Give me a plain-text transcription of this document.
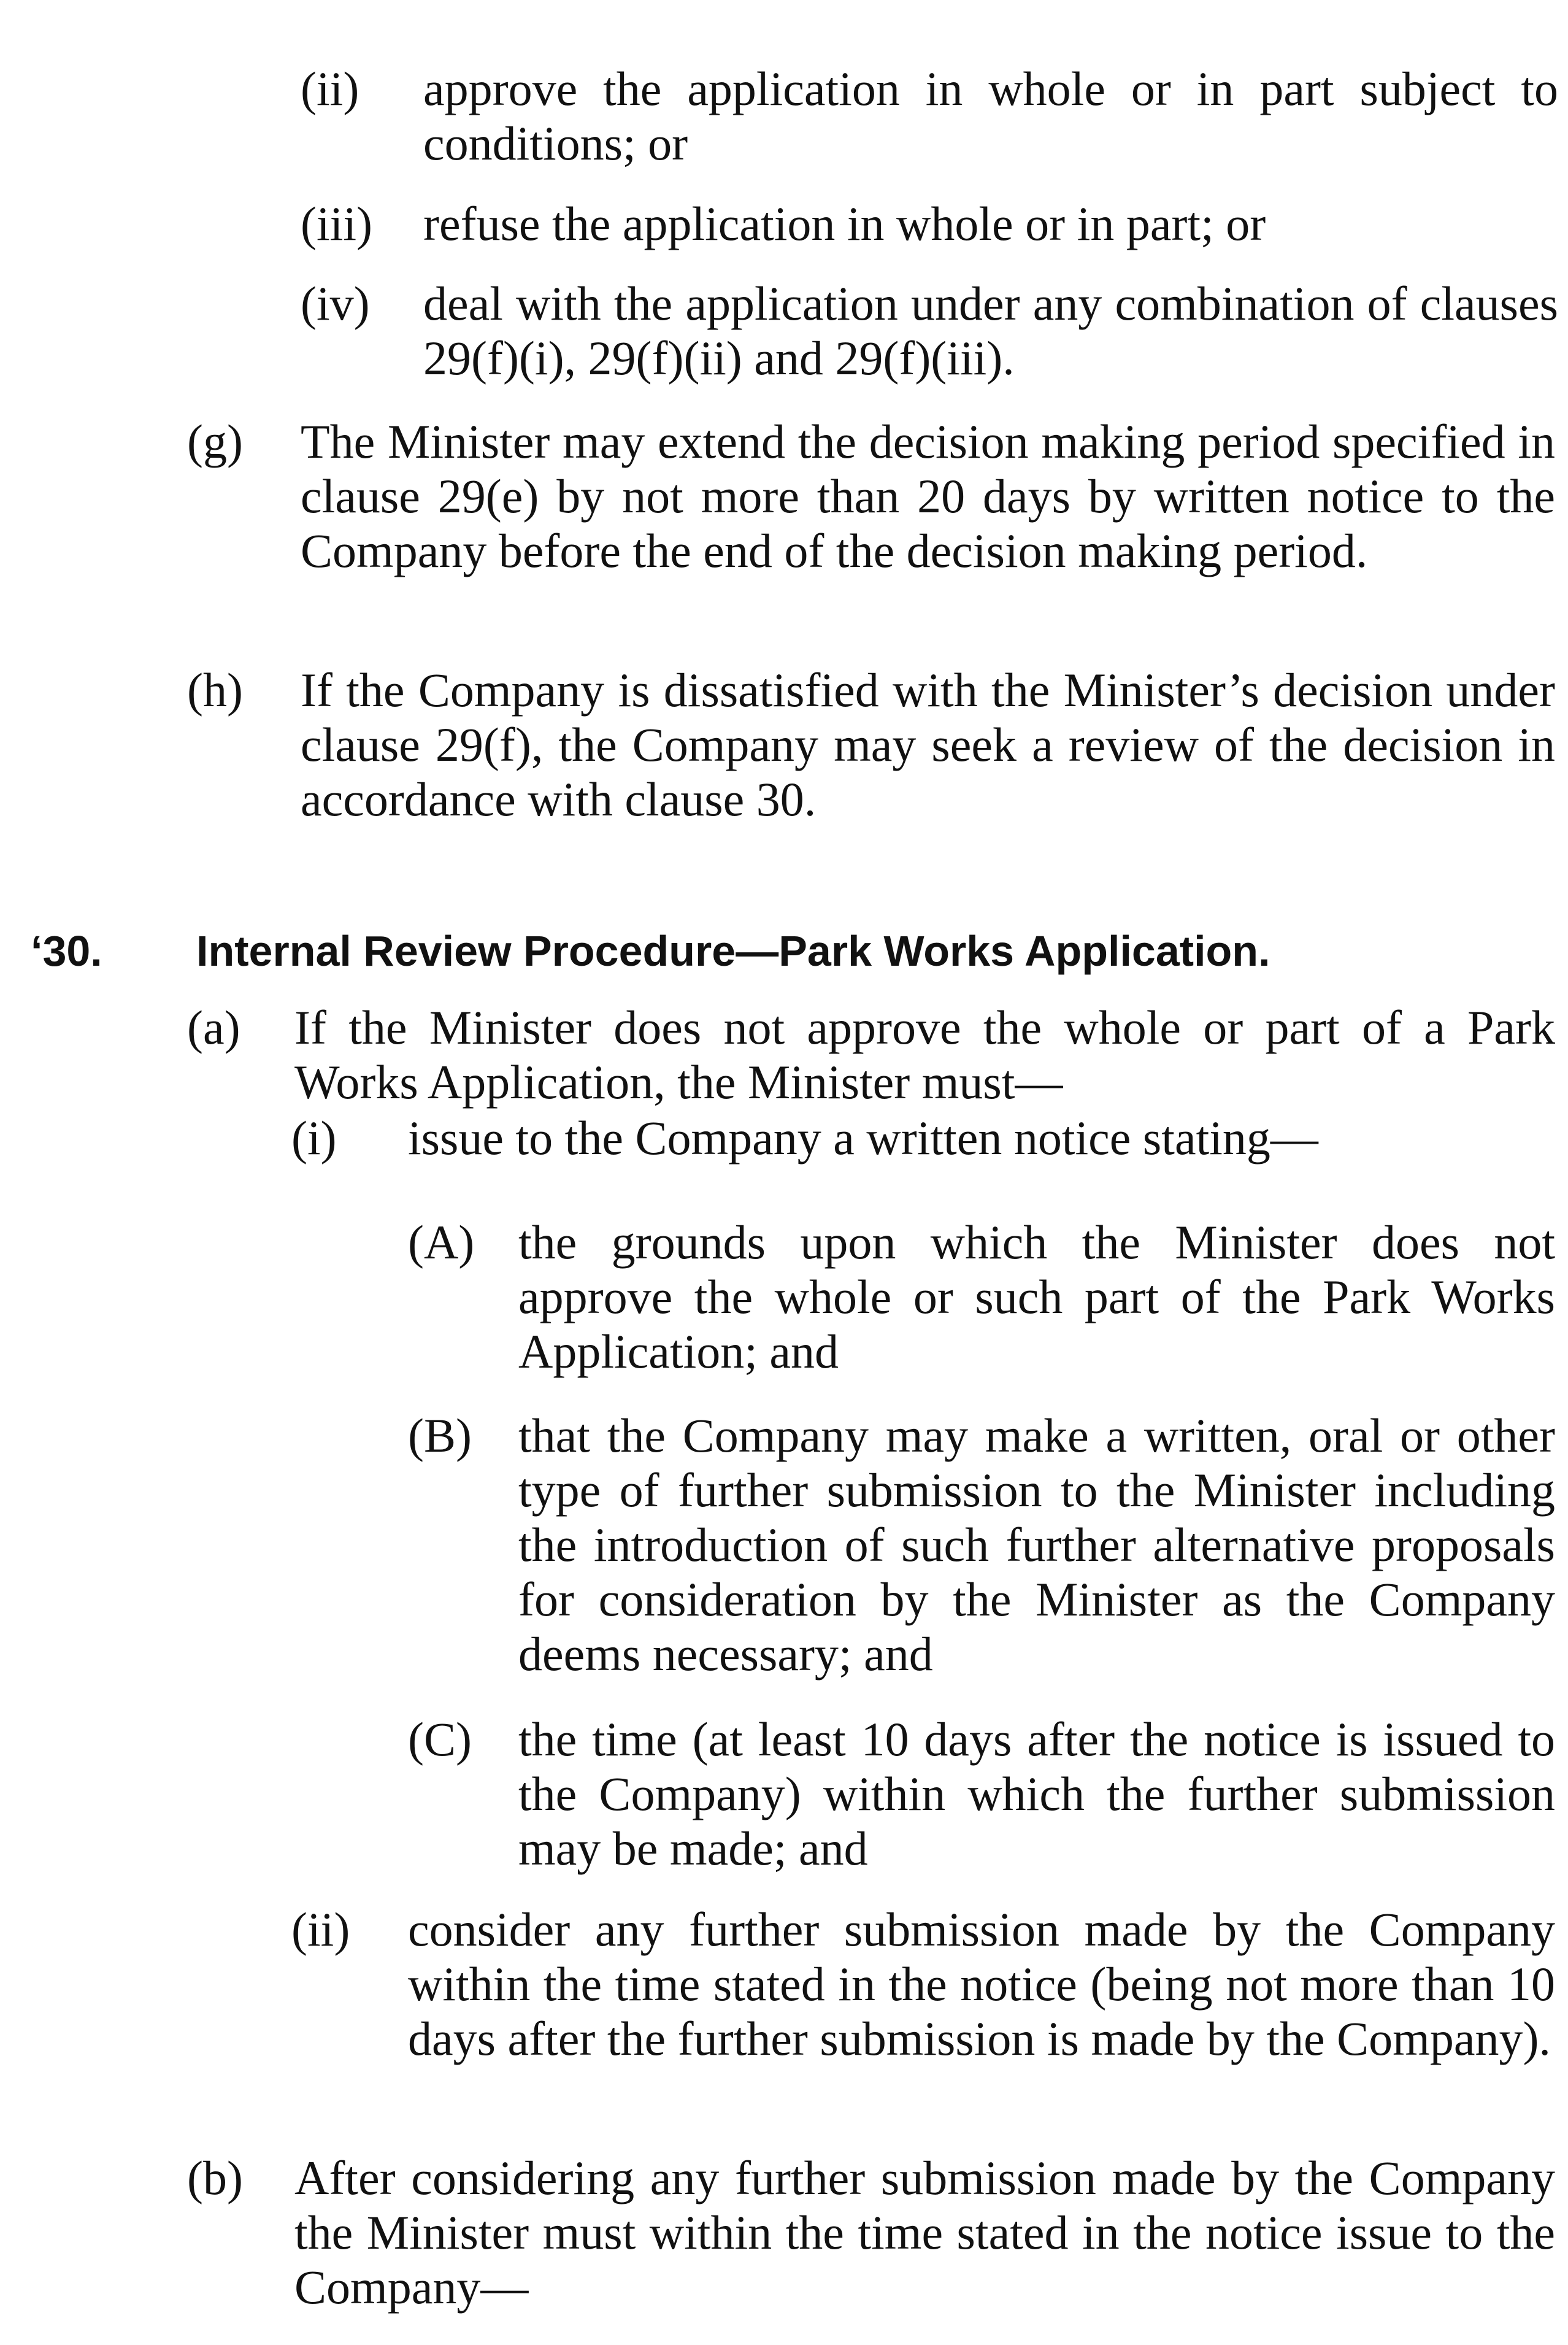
(ii)	approve the application in whole or in part subject to conditions; or
(iii)	refuse the application in whole or in part; or
(iv)	deal with the application under any combination of clauses 29(f)(i), 29(f)(ii) and 29(f)(iii).
(g)	The Minister may extend the decision making period specified in clause 29(e) by not more than 20 days by written notice to the Company before the end of the decision making period.
(h)	If the Company is dissatisfied with the Minister’s decision under clause 29(f), the Company may seek a review of the decision in accordance with clause 30.
‘30.	Internal Review Procedure—Park Works Application.
(a)	If the Minister does not approve the whole or part of a Park Works Application, the Minister must—
(i)	issue to the Company a written notice stating—
(A) the grounds upon which the Minister does not approve the whole or such part of the Park Works Application; and
(B) that the Company may make a written, oral or other type of further submission to the Minister including the introduction of such further alternative proposals for consideration by the Minister as the Company deems necessary; and
(C) the time (at least 10 days after the notice is issued to the Company) within which the further submission may be made; and
(ii)	consider any further submission made by the Company within the time stated in the notice (being not more than 10 days after the further submission is made by the Company).
(b)	After considering any further submission made by the Company the Minister must within the time stated in the notice issue to the Company—
